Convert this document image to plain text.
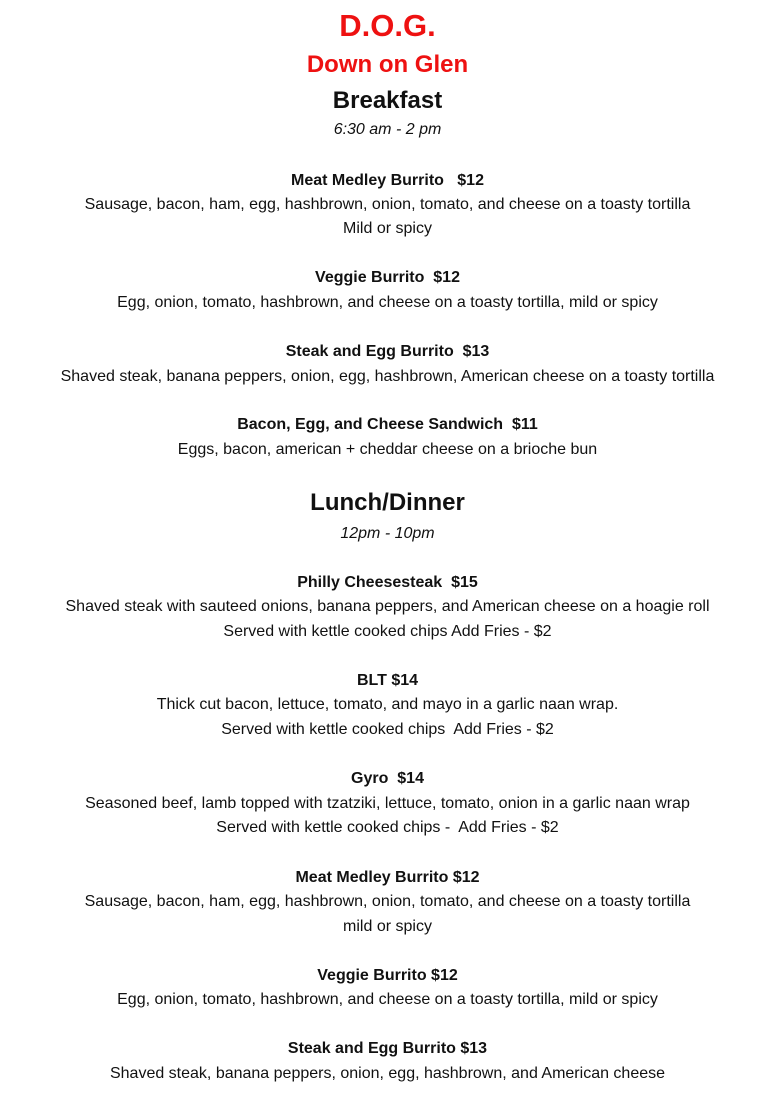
D.O.G.
Down on Glen
Breakfast
6:30 am - 2 pm
Meat Medley Burrito   $12
Sausage, bacon, ham, egg, hashbrown, onion, tomato, and cheese on a toasty tortilla
Mild or spicy
Veggie Burrito  $12
Egg, onion, tomato, hashbrown, and cheese on a toasty tortilla, mild or spicy
Steak and Egg Burrito  $13
Shaved steak, banana peppers, onion, egg, hashbrown, American cheese on a toasty tortilla
Bacon, Egg, and Cheese Sandwich  $11
Eggs, bacon, american + cheddar cheese on a brioche bun
Lunch/Dinner
12pm - 10pm
Philly Cheesesteak  $15
Shaved steak with sauteed onions, banana peppers, and American cheese on a hoagie roll
Served with kettle cooked chips Add Fries - $2
BLT $14
Thick cut bacon, lettuce, tomato, and mayo in a garlic naan wrap.
Served with kettle cooked chips  Add Fries - $2
Gyro  $14
Seasoned beef, lamb topped with tzatziki, lettuce, tomato, onion in a garlic naan wrap
Served with kettle cooked chips -  Add Fries - $2
Meat Medley Burrito $12
Sausage, bacon, ham, egg, hashbrown, onion, tomato, and cheese on a toasty tortilla
mild or spicy
Veggie Burrito $12
Egg, onion, tomato, hashbrown, and cheese on a toasty tortilla, mild or spicy
Steak and Egg Burrito $13
Shaved steak, banana peppers, onion, egg, hashbrown, and American cheese
